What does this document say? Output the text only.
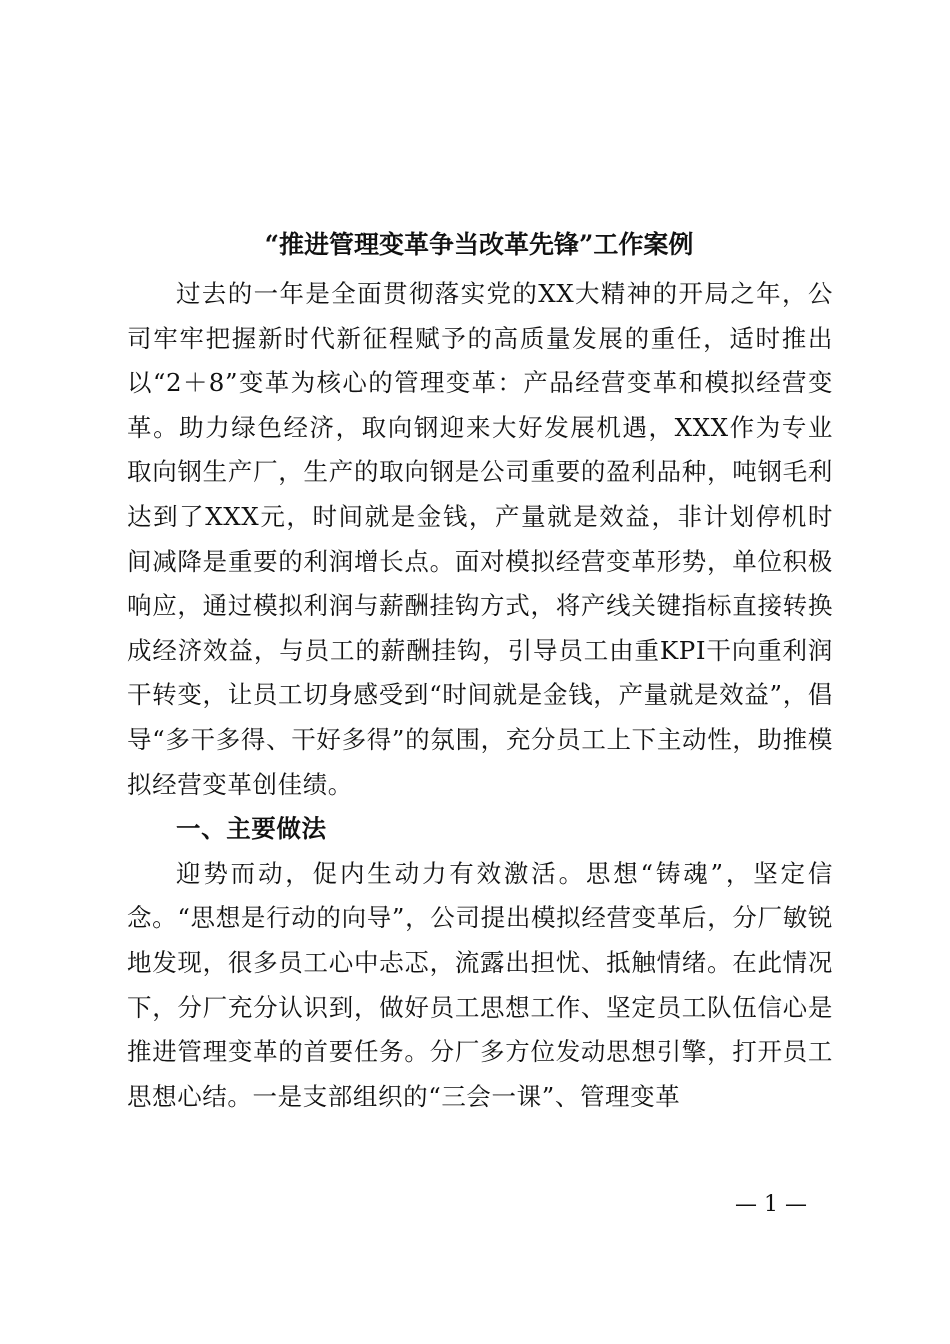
“推进管理变革争当改革先锋”工作案例

过去的一年是全面贯彻落实党的XX大精神的开局之年，公司牢牢把握新时代新征程赋予的高质量发展的重任，适时推出以“2＋8”变革为核心的管理变革：产品经营变革和模拟经营变革。助力绿色经济，取向钢迎来大好发展机遇，XXX作为专业取向钢生产厂，生产的取向钢是公司重要的盈利品种，吨钢毛利达到了XXX元，时间就是金钱，产量就是效益，非计划停机时间减降是重要的利润增长点。面对模拟经营变革形势，单位积极响应，通过模拟利润与薪酬挂钩方式，将产线关键指标直接转换成经济效益，与员工的薪酬挂钩，引导员工由重KPI干向重利润干转变，让员工切身感受到“时间就是金钱，产量就是效益”，倡导“多干多得、干好多得”的氛围，充分员工上下主动性，助推模拟经营变革创佳绩。

一、主要做法

迎势而动，促内生动力有效激活。思想“铸魂”，坚定信念。“思想是行动的向导”，公司提出模拟经营变革后，分厂敏锐地发现，很多员工心中忐忑，流露出担忧、抵触情绪。在此情况下，分厂充分认识到，做好员工思想工作、坚定员工队伍信心是推进管理变革的首要任务。分厂多方位发动思想引擎，打开员工思想心结。一是支部组织的“三会一课”、管理变革

— 1 —
